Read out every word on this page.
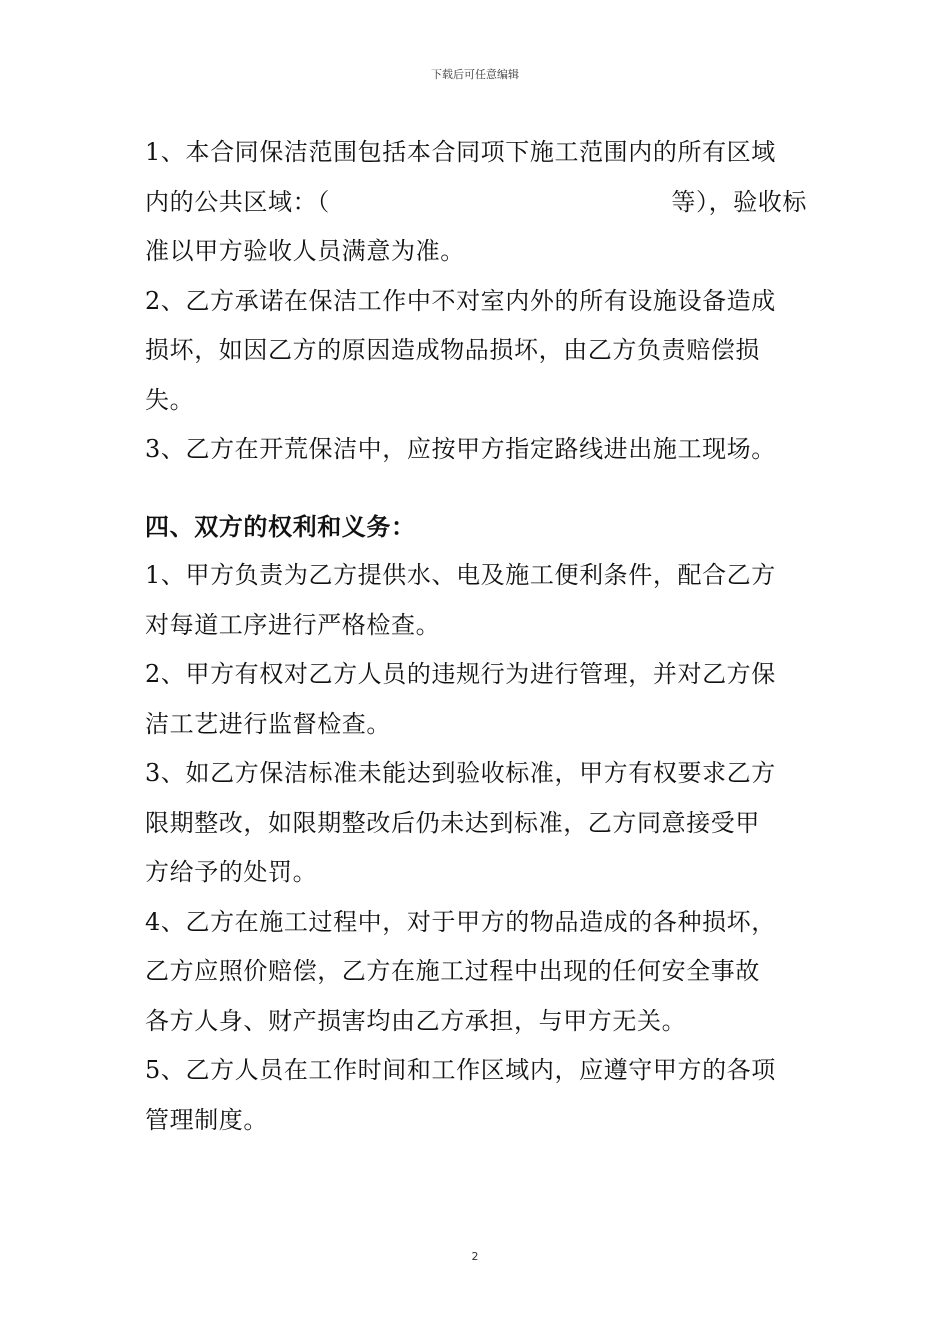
下载后可任意编辑
1、本合同保洁范围包括本合同项下施工范围内的所有区域
内的公共区域：（	等），验收标
准以甲方验收人员满意为准。
2、乙方承诺在保洁工作中不对室内外的所有设施设备造成
损坏，如因乙方的原因造成物品损坏，由乙方负责赔偿损
失。
3、乙方在开荒保洁中，应按甲方指定路线进出施工现场。
四、双方的权利和义务：
1、甲方负责为乙方提供水、电及施工便利条件，配合乙方
对每道工序进行严格检查。
2、甲方有权对乙方人员的违规行为进行管理，并对乙方保
洁工艺进行监督检查。
3、如乙方保洁标准未能达到验收标准，甲方有权要求乙方
限期整改，如限期整改后仍未达到标准，乙方同意接受甲
方给予的处罚。
4、乙方在施工过程中，对于甲方的物品造成的各种损坏，
乙方应照价赔偿，乙方在施工过程中出现的任何安全事故
各方人身、财产损害均由乙方承担，与甲方无关。
5、乙方人员在工作时间和工作区域内，应遵守甲方的各项
管理制度。
2
